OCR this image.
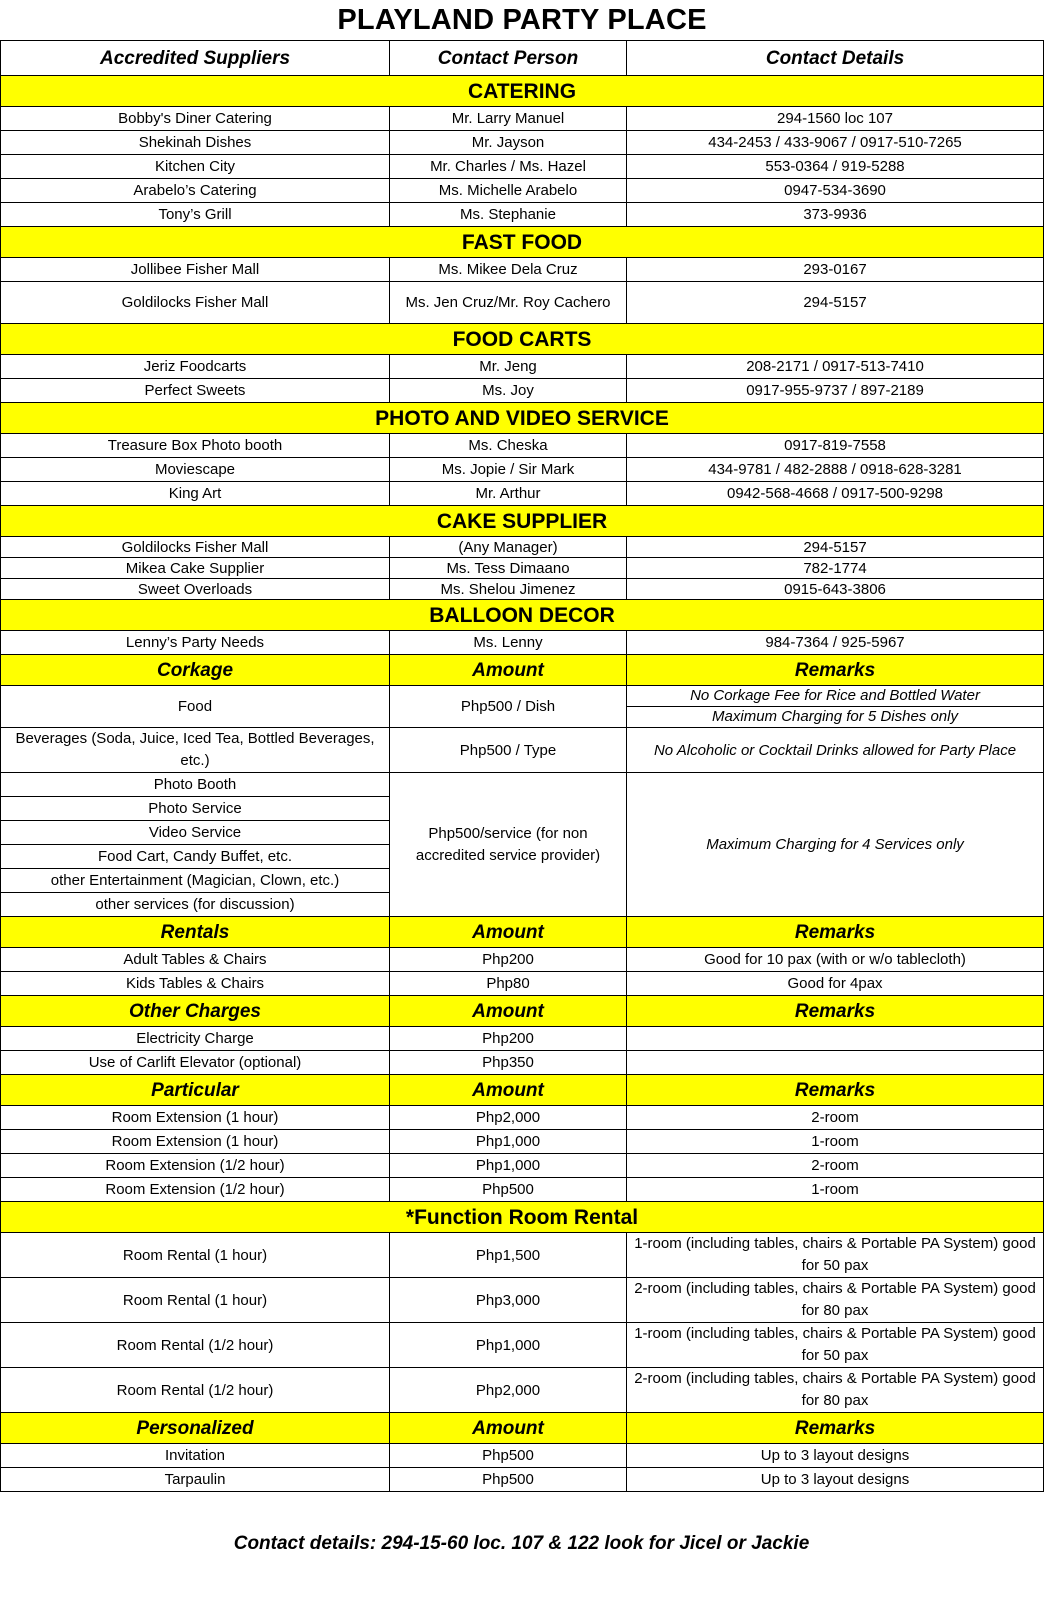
PLAYLAND PARTY PLACE		
Accredited Suppliers	Contact Person	Contact Details
CATERING		
Bobby's Diner Catering	Mr. Larry Manuel	294-1560 loc 107
Shekinah Dishes	Mr. Jayson	434-2453 / 433-9067 / 0917-510-7265
Kitchen City	Mr. Charles / Ms. Hazel	553-0364 / 919-5288
Arabelo’s Catering	Ms. Michelle Arabelo	0947-534-3690
Tony’s Grill	Ms. Stephanie	373-9936
FAST FOOD		
Jollibee Fisher Mall	Ms. Mikee Dela Cruz	293-0167
Goldilocks Fisher Mall	Ms. Jen Cruz/Mr. Roy Cachero	294-5157
FOOD CARTS		
Jeriz Foodcarts	Mr. Jeng	208-2171 / 0917-513-7410
Perfect Sweets	Ms. Joy	0917-955-9737 / 897-2189
PHOTO AND VIDEO SERVICE		
Treasure Box Photo booth	Ms. Cheska	0917-819-7558
Moviescape	Ms. Jopie / Sir Mark	434-9781 / 482-2888 / 0918-628-3281
King Art	Mr. Arthur	0942-568-4668 / 0917-500-9298
CAKE SUPPLIER		
Goldilocks Fisher Mall	(Any Manager)	294-5157
Mikea Cake Supplier	Ms. Tess Dimaano	782-1774
Sweet Overloads	Ms. Shelou Jimenez	0915-643-3806
BALLOON DECOR		
Lenny’s Party Needs	Ms. Lenny	984-7364 / 925-5967
Corkage	Amount	Remarks
Food	Php500 / Dish	No Corkage Fee for Rice and Bottled Water
Maximum Charging for 5 Dishes only

Beverages (Soda, Juice, Iced Tea, Bottled Beverages, etc.)	Php500 / Type	No Alcoholic or Cocktail Drinks allowed for Party Place
Photo Booth	Php500/service (for non accredited service provider)	Maximum Charging for 4 Services only
Photo Service		
Video Service		
Food Cart, Candy Buffet, etc.		
other Entertainment (Magician, Clown, etc.)		
other services (for discussion)		
Rentals	Amount	Remarks
Adult Tables & Chairs	Php200	Good for 10 pax (with or w/o tablecloth)
Kids Tables & Chairs	Php80	Good for 4pax
Other Charges	Amount	Remarks
Electricity Charge	Php200	
Use of Carlift Elevator (optional)	Php350	
Particular	Amount	Remarks
Room Extension (1 hour)	Php2,000	2-room
Room Extension (1 hour)	Php1,000	1-room
Room Extension (1/2 hour)	Php1,000	2-room
Room Extension (1/2 hour)	Php500	1-room
*Function Room Rental		
Room Rental (1 hour)	Php1,500	1-room (including tables, chairs & Portable PA System) good for 50 pax
Room Rental (1 hour)	Php3,000	2-room (including tables, chairs & Portable PA System) good for 80 pax
Room Rental (1/2 hour)	Php1,000	1-room (including tables, chairs & Portable PA System) good for 50 pax
Room Rental (1/2 hour)	Php2,000	2-room (including tables, chairs & Portable PA System) good for 80 pax
Personalized	Amount	Remarks
Invitation	Php500	Up to 3 layout designs
Tarpaulin	Php500	Up to 3 layout designs
Contact details: 294-15-60 loc. 107 & 122 look for Jicel or Jackie
